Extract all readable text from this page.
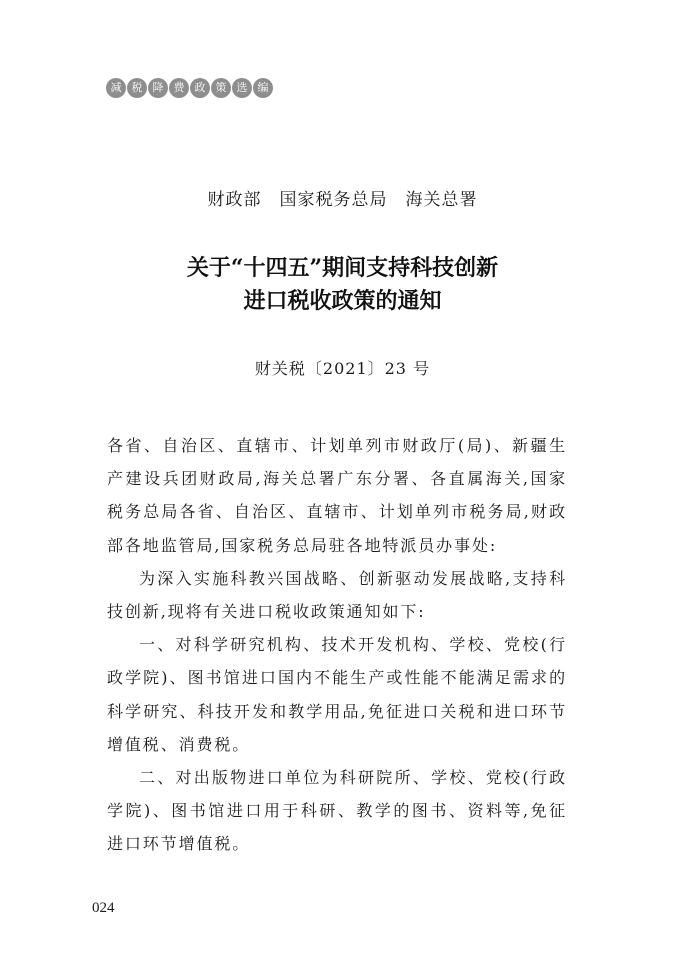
减 税 降 费 政 策 选 编
财政部　国家税务总局　海关总署
关于“十四五”期间支持科技创新
进口税收政策的通知
财关税〔2021〕23 号

各省、自治区、直辖市、计划单列市财政厅(局)、新疆生产建设兵团财政局,海关总署广东分署、各直属海关,国家税务总局各省、自治区、直辖市、计划单列市税务局,财政部各地监管局,国家税务总局驻各地特派员办事处:

为深入实施科教兴国战略、创新驱动发展战略,支持科技创新,现将有关进口税收政策通知如下:

一、对科学研究机构、技术开发机构、学校、党校(行政学院)、图书馆进口国内不能生产或性能不能满足需求的科学研究、科技开发和教学用品,免征进口关税和进口环节增值税、消费税。

二、对出版物进口单位为科研院所、学校、党校(行政学院)、图书馆进口用于科研、教学的图书、资料等,免征进口环节增值税。

024
